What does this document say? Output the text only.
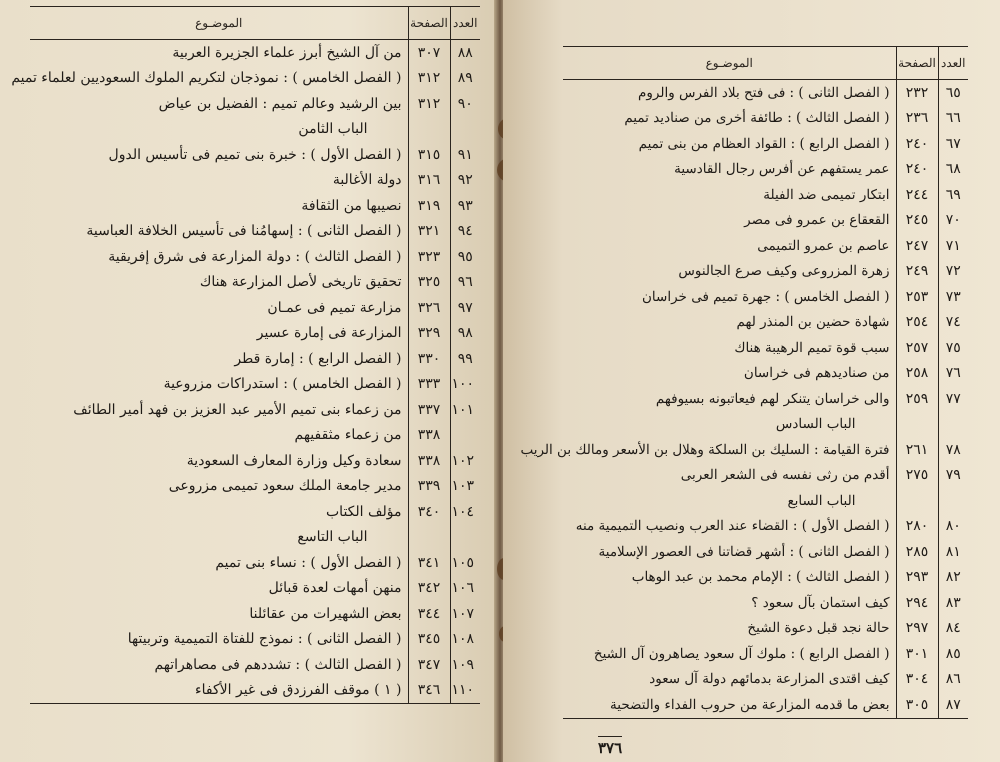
العدد	الصفحة	الموضـوع
٨٨	٣٠٧	من آل الشيخ أبرز علماء الجزيرة العربية
٨٩	٣١٢	( الفصل الخامس ) : نموذجان لتكريم الملوك السعوديين لعلماء تميم
٩٠	٣١٢	بين الرشيد وعالم تميم : الفضيل بن عياض
		الباب الثامن
٩١	٣١٥	( الفصل الأول ) : خبرة بنى تميم فى تأسيس الدول
٩٢	٣١٦	دولة الأغالبة
٩٣	٣١٩	نصيبها من الثقافة
٩٤	٣٢١	( الفصل الثانى ) : إسهامُنا فى تأسيس الخلافة العباسية
٩٥	٣٢٣	( الفصل الثالث ) : دولة المزارعة فى شرق إفريقية
٩٦	٣٢٥	تحقيق تاريخى لأصل المزارعة هناك
٩٧	٣٢٦	مزارعة تميم فى عمـان
٩٨	٣٢٩	المزارعة فى إمارة عسير
٩٩	٣٣٠	( الفصل الرابع ) : إمارة قطر
١٠٠	٣٣٣	( الفصل الخامس ) : استدراكات مزروعية
١٠١	٣٣٧	من زعماء بنى تميم الأمير عبد العزيز بن فهد أمير الطائف
	٣٣٨	من زعماء مثقفيهم
١٠٢	٣٣٨	سعادة وكيل وزارة المعارف السعودية
١٠٣	٣٣٩	مدير جامعة الملك سعود تميمى مزروعى
١٠٤	٣٤٠	مؤلف الكتاب
		الباب التاسع
١٠٥	٣٤١	( الفصل الأول ) : نساء بنى تميم
١٠٦	٣٤٢	منهن أمهات لعدة قبائل
١٠٧	٣٤٤	بعض الشهيرات من عقائلنا
١٠٨	٣٤٥	( الفصل الثانى ) : نموذج للفتاة التميمية وتربيتها
١٠٩	٣٤٧	( الفصل الثالث ) : تشددهم فى مصاهراتهم
١١٠	٣٤٦	( ١ ) موقف الفرزدق فى غير الأكفاء
العدد	الصفحة	الموضـوع
٦٥	٢٣٢	( الفصل الثانى ) : فى فتح بلاد الفرس والروم
٦٦	٢٣٦	( الفصل الثالث ) : طائفة أخرى من صناديد تميم
٦٧	٢٤٠	( الفصل الرابع ) : القواد العظام من بنى تميم
٦٨	٢٤٠	عمر يستفهم عن أفرس رجال القادسية
٦٩	٢٤٤	ابتكار تميمى ضد الفيلة
٧٠	٢٤٥	القعقاع بن عمرو فى مصر
٧١	٢٤٧	عاصم بن عمرو التميمى
٧٢	٢٤٩	زهرة المزروعى وكيف صرع الجالنوس
٧٣	٢٥٣	( الفصل الخامس ) : جهرة تميم فى خراسان
٧٤	٢٥٤	شهادة حضين بن المنذر لهم
٧٥	٢٥٧	سبب قوة تميم الرهيبة هناك
٧٦	٢٥٨	من صناديدهم فى خراسان
٧٧	٢٥٩	والى خراسان يتنكر لهم فيعاتبونه بسيوفهم
		الباب السادس
٧٨	٢٦١	فترة القيامة : السليك بن السلكة وهلال بن الأسعر ومالك بن الريب
٧٩	٢٧٥	أقدم من رثى نفسه فى الشعر العربى
		الباب السابع
٨٠	٢٨٠	( الفصل الأول ) : القضاء عند العرب ونصيب التميمية منه
٨١	٢٨٥	( الفصل الثانى ) : أشهر قضاتنا فى العصور الإسلامية
٨٢	٢٩٣	( الفصل الثالث ) : الإمام محمد بن عبد الوهاب
٨٣	٢٩٤	كيف استمان بآل سعود ؟
٨٤	٢٩٧	حالة نجد قبل دعوة الشيخ
٨٥	٣٠١	( الفصل الرابع ) : ملوك آل سعود يصاهرون آل الشيخ
٨٦	٣٠٤	كيف اقتدى المزارعة بدمائهم دولة آل سعود
٨٧	٣٠٥	بعض ما قدمه المزارعة من حروب الفداء والتضحية
٣٧٦
